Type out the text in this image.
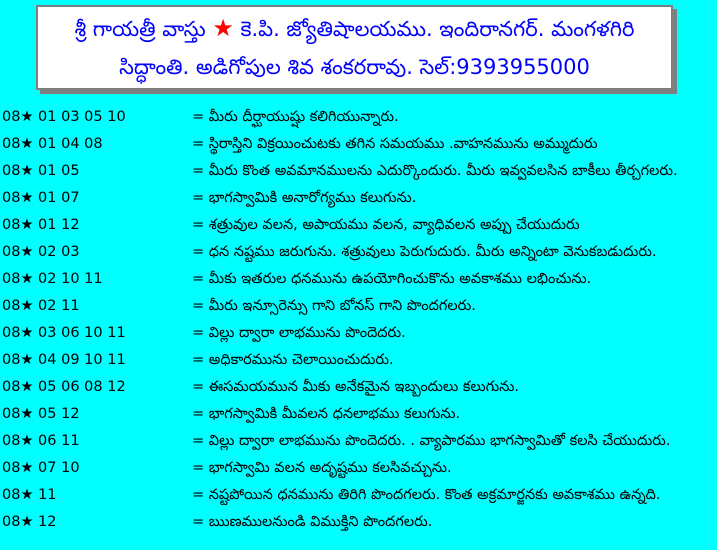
శ్రీ గాయత్రీ వాస్తు ★ కె.పి. జ్యోతిషాలయము. ఇందిరానగర్. మంగళగిరి
సిద్ధాంతి. అడిగోపుల శివ శంకరరావు. సెల్:9393955000
08★ 01 03 05 10	= మీరు దీర్ఘాయుష్షు కలిగియున్నారు.
08★ 01 04 08	= స్థిరాస్తిని విక్రయించుటకు తగిన సమయము .వాహనమును అమ్ముదురు
08★ 01 05	= మీరు కొంత అవమానములను ఎదుర్కొందురు. మీరు ఇవ్వవలసిన బాకీలు తీర్చగలరు.
08★ 01 07	= భాగస్వామికి అనారోగ్యము కలుగును.
08★ 01 12	= శత్రువుల వలన, అపాయము వలన, వ్యాధివలన అప్పు చేయుదురు
08★ 02 03	= ధన నష్టము జరుగును. శత్రువులు పెరుగుదురు. మీరు అన్నింటా వెనుకబడుదురు.
08★ 02 10 11	= మీకు ఇతరుల ధనమును ఉపయోగించుకొను అవకాశము లభించును.
08★ 02 11	= మీరు ఇన్సూరెన్సు గాని బోనస్ గాని పొందగలరు.
08★ 03 06 10 11	= విల్లు ద్వారా లాభమును పొందెదరు.
08★ 04 09 10 11	= అధికారమును చెలాయించుదురు.
08★ 05 06 08 12	= ఈసమయమున మీకు అనేకమైన ఇబ్బందులు కలుగును.
08★ 05 12	= భాగస్వామికి మీవలన ధనలాభము కలుగును.
08★ 06 11	= విల్లు ద్వారా లాభమును పొందెదరు. . వ్యాపారము భాగస్వామితో కలసి చేయుదురు.
08★ 07 10	= భాగస్వామి వలన అదృష్టము కలసివచ్చును.
08★ 11	= నష్టపోయిన ధనమును తిరిగి పొందగలరు. కొంత అక్రమార్జనకు అవకాశము ఉన్నది.
08★ 12	= ఋణములనుండి విముక్తిని పొందగలరు.
